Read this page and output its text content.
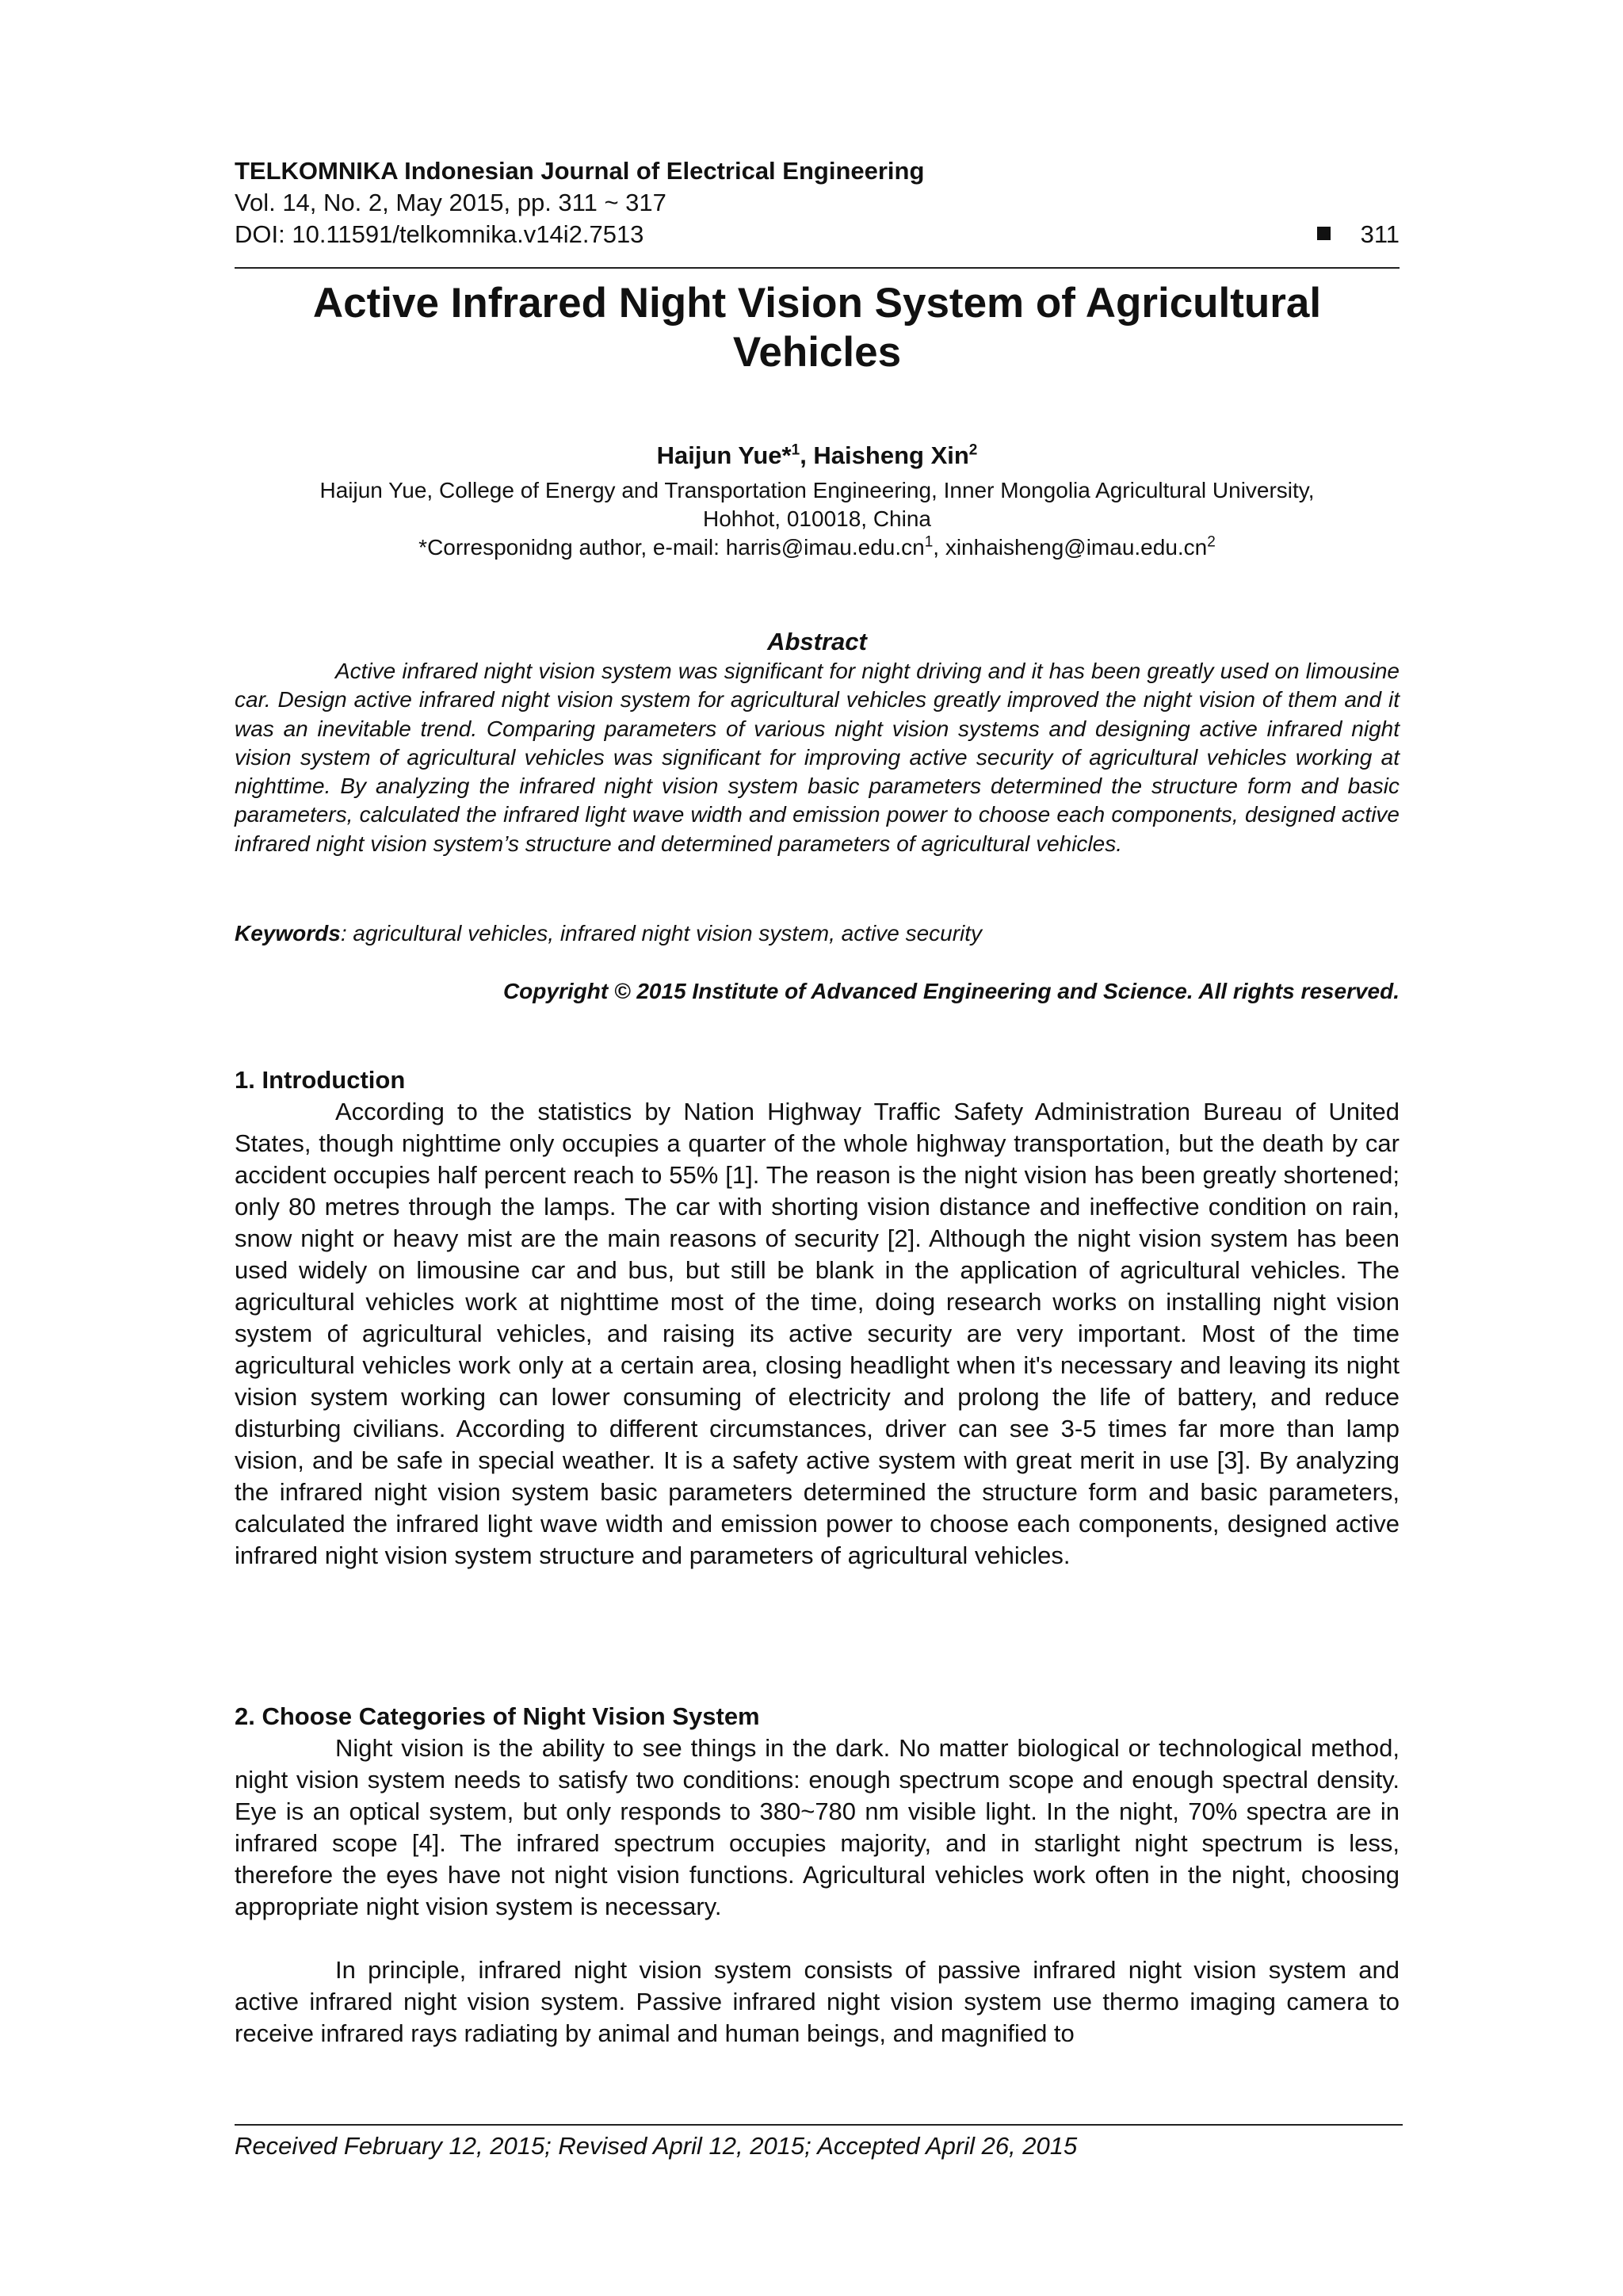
TELKOMNIKA Indonesian Journal of Electrical Engineering
Vol. 14, No. 2, May 2015, pp. 311 ~ 317
DOI: 10.11591/telkomnika.v14i2.7513	311
Active Infrared Night Vision System of Agricultural
Vehicles
Haijun Yue*$^1$, Haisheng Xin$^2$
Haijun Yue, College of Energy and Transportation Engineering, Inner Mongolia Agricultural University,
Hohhot, 010018, China
*Corresponidng author, e-mail: $harris@imau.edu.cn^1$, $xinhaisheng@imau.edu.cn^2$
Abstract

Active infrared night vision system was significant for night driving and it has been greatly used on limousine car. Design active infrared night vision system for agricultural vehicles greatly improved the night vision of them and it was an inevitable trend. Comparing parameters of various night vision systems and designing active infrared night vision system of agricultural vehicles was significant for improving active security of agricultural vehicles working at nighttime. By analyzing the infrared night vision system basic parameters determined the structure form and basic parameters, calculated the infrared light wave width and emission power to choose each components, designed active infrared night vision system’s structure and determined parameters of agricultural vehicles.

Keywords: agricultural vehicles, infrared night vision system, active security
Copyright © 2015 Institute of Advanced Engineering and Science. All rights reserved.
1. Introduction

According to the statistics by Nation Highway Traffic Safety Administration Bureau of United States, though nighttime only occupies a quarter of the whole highway transportation, but the death by car accident occupies half percent reach to 55% [1]. The reason is the night vision has been greatly shortened; only 80 metres through the lamps. The car with shorting vision distance and ineffective condition on rain, snow night or heavy mist are the main reasons of security [2]. Although the night vision system has been used widely on limousine car and bus, but still be blank in the application of agricultural vehicles. The agricultural vehicles work at nighttime most of the time, doing research works on installing night vision system of agricultural vehicles, and raising its active security are very important. Most of the time agricultural vehicles work only at a certain area, closing headlight when it's necessary and leaving its night vision system working can lower consuming of electricity and prolong the life of battery, and reduce disturbing civilians. According to different circumstances, driver can see 3-5 times far more than lamp vision, and be safe in special weather. It is a safety active system with great merit in use [3]. By analyzing the infrared night vision system basic parameters determined the structure form and basic parameters, calculated the infrared light wave width and emission power to choose each components, designed active infrared night vision system structure and parameters of agricultural vehicles.

2. Choose Categories of Night Vision System

Night vision is the ability to see things in the dark. No matter biological or technological method, night vision system needs to satisfy two conditions: enough spectrum scope and enough spectral density. Eye is an optical system, but only responds to 380~780 nm visible light. In the night, 70% spectra are in infrared scope [4]. The infrared spectrum occupies majority, and in starlight night spectrum is less, therefore the eyes have not night vision functions. Agricultural vehicles work often in the night, choosing appropriate night vision system is necessary.

In principle, infrared night vision system consists of passive infrared night vision system and active infrared night vision system. Passive infrared night vision system use thermo imaging camera to receive infrared rays radiating by animal and human beings, and magnified to

Received February 12, 2015; Revised April 12, 2015; Accepted April 26, 2015
